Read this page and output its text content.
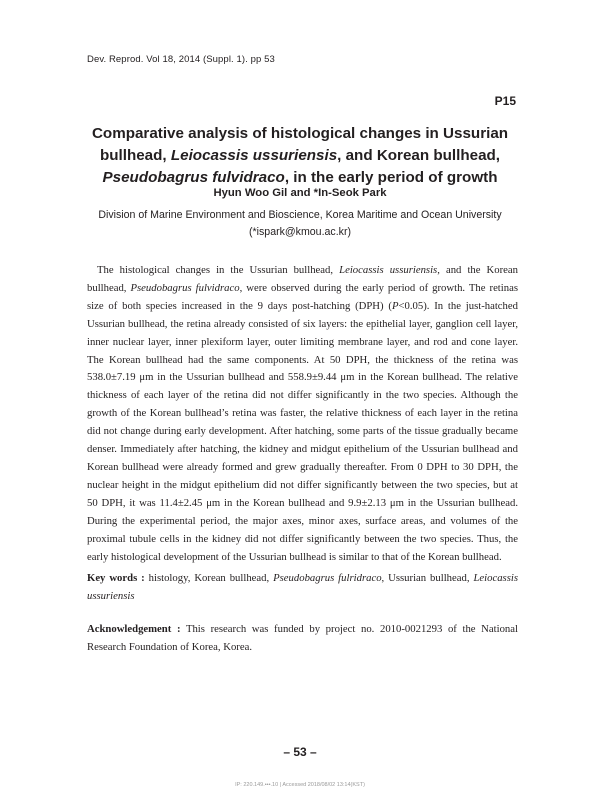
Dev. Reprod. Vol 18, 2014 (Suppl. 1). pp 53
P15
Comparative analysis of histological changes in Ussurian
bullhead, Leiocassis ussuriensis, and Korean bullhead,
Pseudobagrus fulvidraco, in the early period of growth
Hyun Woo Gil and *In-Seok Park
Division of Marine Environment and Bioscience, Korea Maritime and Ocean University
(*ispark@kmou.ac.kr)

The histological changes in the Ussurian bullhead, Leiocassis ussuriensis, and the Korean bullhead, Pseudobagrus fulvidraco, were observed during the early period of growth. The retinas size of both species increased in the 9 days post-hatching (DPH) (P<0.05). In the just-hatched Ussurian bullhead, the retina already consisted of six layers: the epithelial layer, ganglion cell layer, inner nuclear layer, inner plexiform layer, outer limiting membrane layer, and rod and cone layer. The Korean bullhead had the same components. At 50 DPH, the thickness of the retina was 538.0±7.19 μm in the Ussurian bullhead and 558.9±9.44 μm in the Korean bullhead. The relative thickness of each layer of the retina did not differ significantly in the two species. Although the growth of the Korean bullhead’s retina was faster, the relative thickness of each layer in the retina did not change during early development. After hatching, some parts of the tissue gradually became denser. Immediately after hatching, the kidney and midgut epithelium of the Ussurian bullhead and Korean bullhead were already formed and grew gradually thereafter. From 0 DPH to 30 DPH, the nuclear height in the midgut epithelium did not differ significantly between the two species, but at 50 DPH, it was 11.4±2.45 μm in the Korean bullhead and 9.9±2.13 μm in the Ussurian bullhead. During the experimental period, the major axes, minor axes, surface areas, and volumes of the proximal tubule cells in the kidney did not differ significantly between the two species. Thus, the early histological development of the Ussurian bullhead is similar to that of the Korean bullhead.

Key words : histology, Korean bullhead, Pseudobagrus fulridraco, Ussurian bullhead, Leiocassis ussuriensis

Acknowledgement : This research was funded by project no. 2010-0021293 of the National Research Foundation of Korea, Korea.

– 53 –
IP: 220.149.•••.10 | Accessed 2018/08/02 13:14(KST)
